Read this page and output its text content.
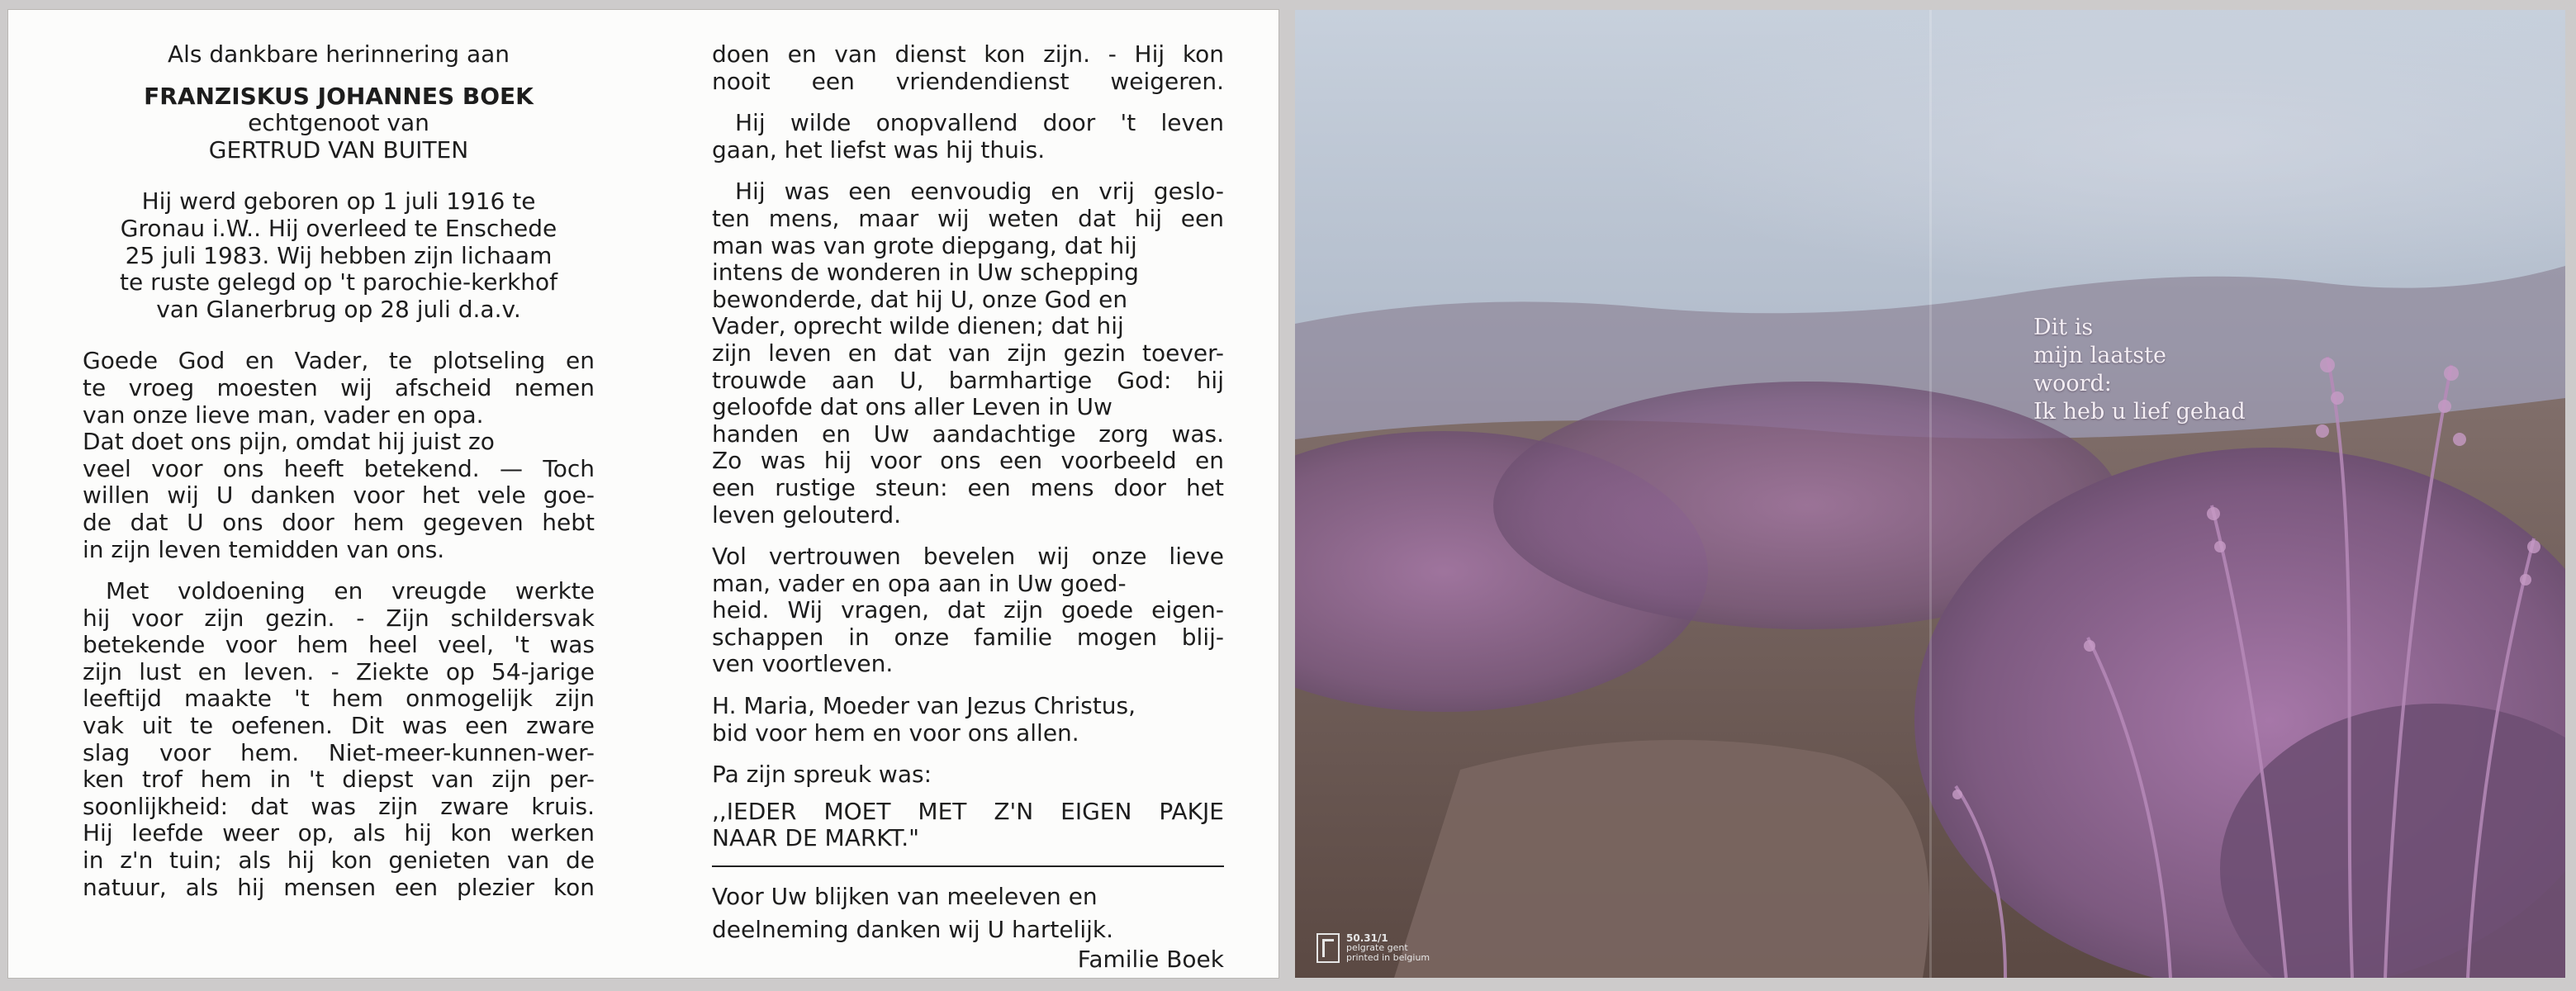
Als dankbare herinnering aan
FRANZISKUS JOHANNES BOEK
echtgenoot van
GERTRUD VAN BUITEN
Hij werd geboren op 1 juli 1916 te
Gronau i.W.. Hij overleed te Enschede
25 juli 1983. Wij hebben zijn lichaam
te ruste gelegd op 't parochie-kerkhof
van Glanerbrug op 28 juli d.a.v.
Goede God en Vader, te plotseling en
te vroeg moesten wij afscheid nemen
van onze lieve man, vader en opa.
Dat doet ons pijn, omdat hij juist zo
veel voor ons heeft betekend. — Toch
willen wij U danken voor het vele goe-
de dat U ons door hem gegeven hebt
in zijn leven temidden van ons.
Met voldoening en vreugde werkte
hij voor zijn gezin. - Zijn schildersvak
betekende voor hem heel veel, 't was
zijn lust en leven. - Ziekte op 54-jarige
leeftijd maakte 't hem onmogelijk zijn
vak uit te oefenen. Dit was een zware
slag voor hem. Niet-meer-kunnen-wer-
ken trof hem in 't diepst van zijn per-
soonlijkheid: dat was zijn zware kruis.
Hij leefde weer op, als hij kon werken
in z'n tuin; als hij kon genieten van de
natuur, als hij mensen een plezier kon
doen en van dienst kon zijn. - Hij kon
nooit een vriendendienst weigeren.
Hij wilde onopvallend door 't leven
gaan, het liefst was hij thuis.
Hij was een eenvoudig en vrij geslo-
ten mens, maar wij weten dat hij een
man was van grote diepgang, dat hij
intens de wonderen in Uw schepping
bewonderde, dat hij U, onze God en
Vader, oprecht wilde dienen; dat hij
zijn leven en dat van zijn gezin toever-
trouwde aan U, barmhartige God: hij
geloofde dat ons aller Leven in Uw
handen en Uw aandachtige zorg was.
Zo was hij voor ons een voorbeeld en
een rustige steun: een mens door het
leven gelouterd.
Vol vertrouwen bevelen wij onze lieve
man, vader en opa aan in Uw goed-
heid. Wij vragen, dat zijn goede eigen-
schappen in onze familie mogen blij-
ven voortleven.
H. Maria, Moeder van Jezus Christus,
bid voor hem en voor ons allen.
Pa zijn spreuk was:
,,IEDER MOET MET Z'N EIGEN PAKJE
NAAR DE MARKT."
Voor Uw blijken van meeleven en
deelneming danken wij U hartelijk.
Familie Boek
Dit is
mijn laatste
woord:
Ik heb u lief gehad
50.31/1
pelgrate gent
printed in belgium
